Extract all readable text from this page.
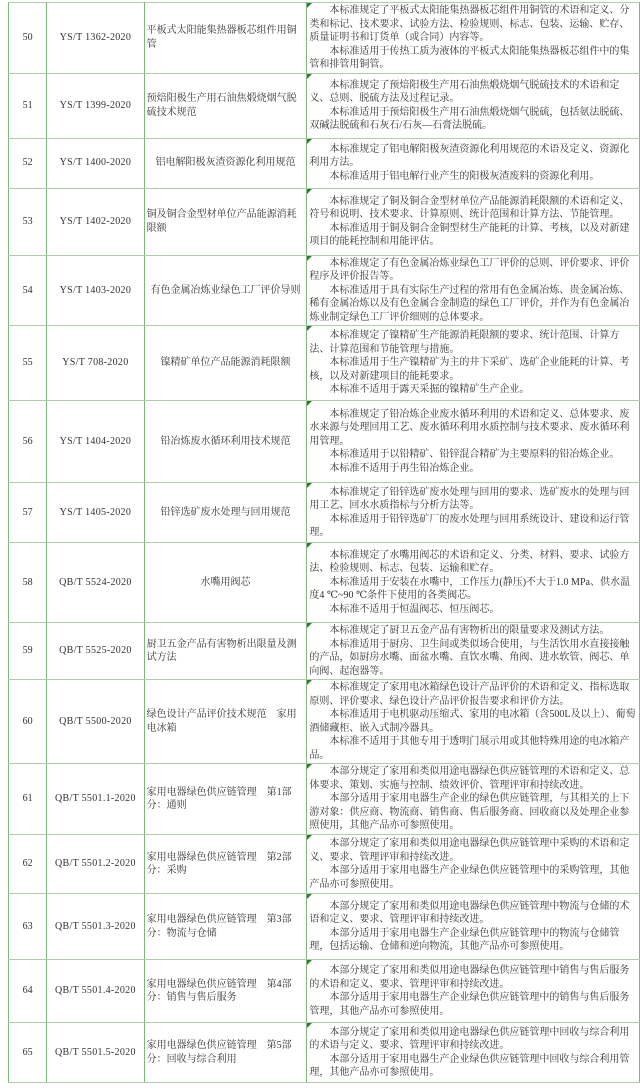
50	YS/T 1362-2020	平板式太阳能集热器板芯组件用铜管	本标准规定了平板式太阳能集热器板芯组件用铜管的术语和定义、分类和标记、技术要求、试验方法、检验规则、标志、包装、运输、贮存、质量证明书和订货单（或合同）内容等。

本标准适用于传热工质为液体的平板式太阳能集热器板芯组件中的集管和排管用铜管。

51	YS/T 1399-2020	预焙阳极生产用石油焦煅烧烟气脱硫技术规范	本标准规定了预焙阳极生产用石油焦煅烧烟气脱硫技术的术语和定义、总则、脱硫方法及过程记录。

本标准适用于预焙阳极生产用石油焦煅烧烟气脱硫，包括氨法脱硫、双碱法脱硫和石灰石/石灰—石膏法脱硫。

52	YS/T 1400-2020	铝电解阳极灰渣资源化利用规范	本标准规定了铝电解阳极灰渣资源化利用规范的术语及定义、资源化利用方法。

本标准适用于铝电解行业产生的阳极灰渣废料的资源化利用。

53	YS/T 1402-2020	铜及铜合金型材单位产品能源消耗限额	本标准规定了铜及铜合金型材单位产品能源消耗限额的术语和定义、符号和说明、技术要求、计算原则、统计范围和计算方法、节能管理。

本标准适用于铜及铜合金铜型材生产能耗的计算、考核，以及对新建项目的能耗控制和用能评估。

54	YS/T 1403-2020	有色金属冶炼业绿色工厂评价导则	本标准规定了有色金属冶炼业绿色工厂评价的总则、评价要求、评价程序及评价报告等。

本标准适用于具有实际生产过程的常用有色金属冶炼、贵金属冶炼、稀有金属冶炼以及有色金属合金制造的绿色工厂评价，并作为有色金属冶炼业制定绿色工厂评价细则的总体要求。

55	YS/T 708-2020	镍精矿单位产品能源消耗限额	本标准规定了镍精矿生产能源消耗限额的要求、统计范围、计算方法、计算范围和节能管理与措施。

本标准适用于生产镍精矿为主的井下采矿、选矿企业能耗的计算、考核，以及对新建项目的能耗要求。

本标准不适用于露天采掘的镍精矿生产企业。

56	YS/T 1404-2020	铅冶炼废水循环利用技术规范	本标准规定了铅冶炼企业废水循环利用的术语和定义、总体要求、废水来源与处理回用工艺、废水循环利用水质控制与技术要求、废水循环利用管理。

本标准适用于以铅精矿、铅锌混合精矿为主要原料的铅冶炼企业。

本标准不适用于再生铅冶炼企业。

57	YS/T 1405-2020	铅锌选矿废水处理与回用规范	本标准规定了铅锌选矿废水处理与回用的要求、选矿废水的处理与回用工艺、回水水质指标与分析方法等。

本标准适用于铅锌选矿厂的废水处理与回用系统设计、建设和运行管理。

58	QB/T 5524-2020	水嘴用阀芯	本标准规定了水嘴用阀芯的术语和定义、分类、材料、要求、试验方法、检验规则、标志、包装、运输和贮存。

本标准适用于安装在水嘴中，工作压力(静压)不大于1.0 MPa、供水温度4 ℃~90 ℃条件下使用的各类阀芯。

本标准不适用于恒温阀芯、恒压阀芯。

59	QB/T 5525-2020	厨卫五金产品有害物析出限量及测试方法	本标准规定了厨卫五金产品有害物析出的限量要求及测试方法。

本标准适用于厨房、卫生间或类似场合使用，与生活饮用水直接接触的产品，如厨房水嘴、面盆水嘴、直饮水嘴、角阀、进水软管、阀芯、单向阀、起泡器等。

60	QB/T 5500-2020	绿色设计产品评价技术规范　家用电冰箱	本标准规定了家用电冰箱绿色设计产品评价的术语和定义、指标选取原则、评价要求、绿色设计产品评价报告要求和评价方法。

本标准适用于电机驱动压缩式、家用的电冰箱（含500L及以上）、葡萄酒储藏柜、嵌入式制冷器具。

本标准不适用于其他专用于透明门展示用或其他特殊用途的电冰箱产品。

61	QB/T 5501.1-2020	家用电器绿色供应链管理　第1部分：通则	本部分规定了家用和类似用途电器绿色供应链管理的术语和定义、总体要求、策划、实施与控制、绩效评价、管理评审和持续改进。

本部分适用于家用电器生产企业的绿色供应链管理，与其相关的上下游对象：供应商、物流商、销售商、售后服务商、回收商以及处理企业参照使用，其他产品亦可参照使用。

62	QB/T 5501.2-2020	家用电器绿色供应链管理　第2部分：采购	本部分规定了家用和类似用途电器绿色供应链管理中采购的术语和定义、要求、管理评审和持续改进。

本部分适用于家用电器生产企业绿色供应链管理中的采购管理，其他产品亦可参照使用。

63	QB/T 5501.3-2020	家用电器绿色供应链管理　第3部分：物流与仓储	本部分规定了家用和类似用途电器绿色供应链管理中物流与仓储的术语和定义、要求、管理评审和持续改进。

本部分适用于家用电器生产企业绿色供应链管理中的物流与仓储管理，包括运输、仓储和逆向物流，其他产品亦可参照使用。

64	QB/T 5501.4-2020	家用电器绿色供应链管理　第4部分：销售与售后服务	本部分规定了家用和类似用途电器绿色供应链管理中销售与售后服务的术语和定义、要求、管理评审和持续改进。

本部分适用于家用电器生产企业绿色供应链管理中的销售与售后服务管理，其他产品亦可参照使用。

65	QB/T 5501.5-2020	家用电器绿色供应链管理　第5部分：回收与综合利用	本部分规定了家用和类似用途电器绿色供应链管理中回收与综合利用的术语与定义、要求、管理评审和持续改进。

本部分适用于家用电器生产企业绿色供应链管理中回收与综合利用管理，其他产品亦可参照使用。
